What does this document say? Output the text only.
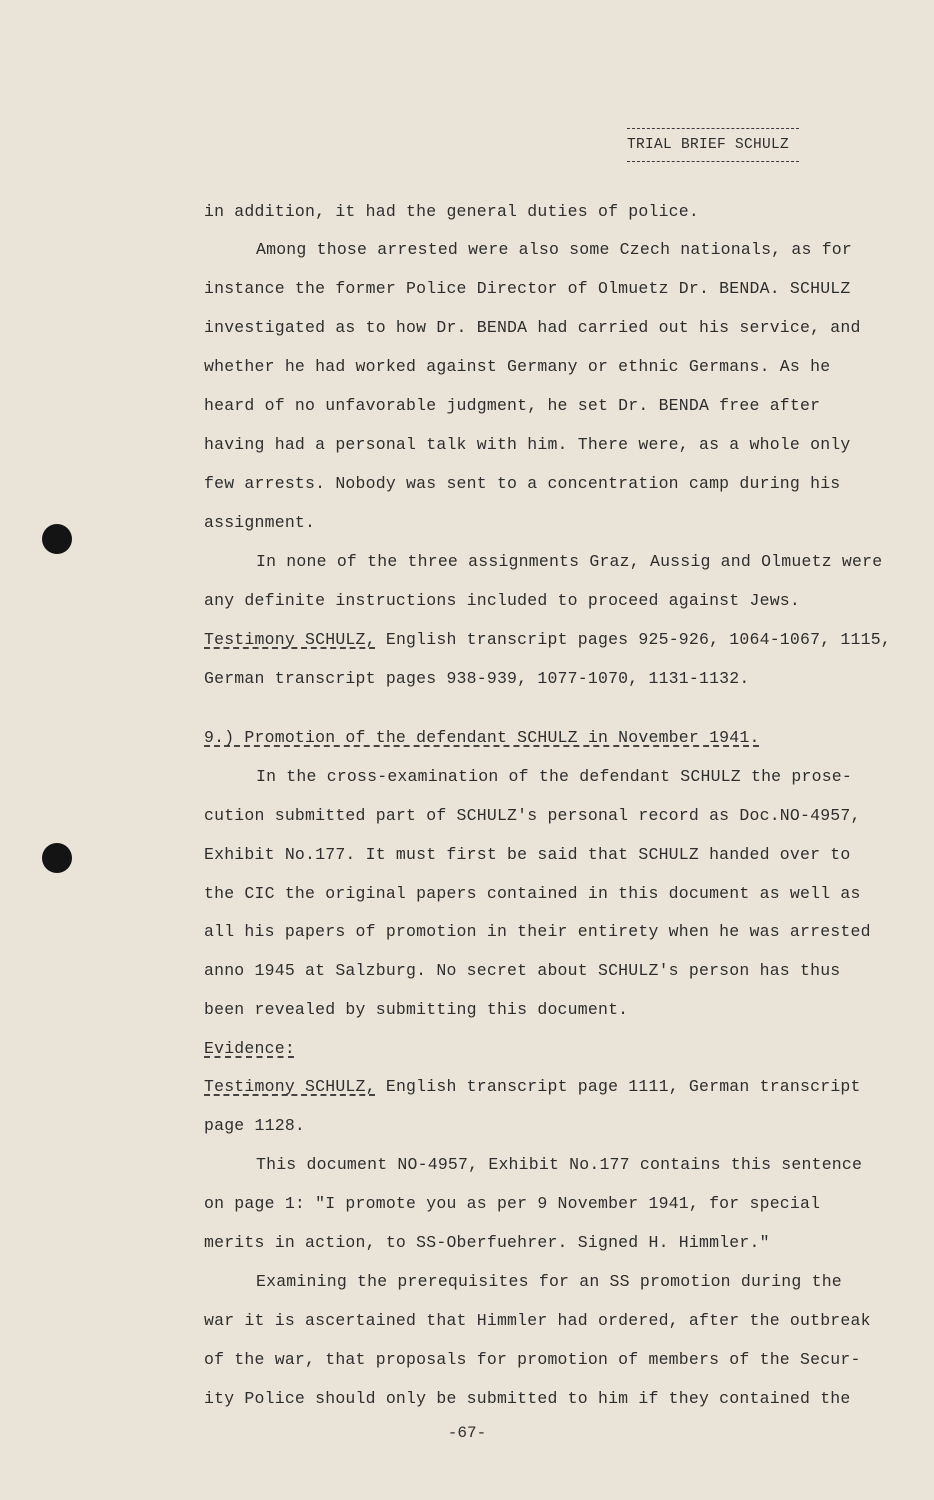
TRIAL BRIEF SCHULZ
in addition, it had the general duties of police.
Among those arrested were also some Czech nationals, as for
instance the former Police Director of Olmuetz Dr. BENDA. SCHULZ
investigated as to how Dr. BENDA had carried out his service, and
whether he had worked against Germany or ethnic Germans. As he
heard of no unfavorable judgment, he set Dr. BENDA free after
having had a personal talk with him. There were, as a whole only
few arrests. Nobody was sent to a concentration camp during his
assignment.
In none of the three assignments Graz, Aussig and Olmuetz were
any definite instructions included to proceed against Jews.
Testimony SCHULZ, English transcript pages 925-926, 1064-1067, 1115,
German transcript pages 938-939, 1077-1070, 1131-1132.
9.) Promotion of the defendant SCHULZ in November 1941.
In the cross-examination of the defendant SCHULZ the prose-
cution submitted part of SCHULZ's personal record as Doc.NO-4957,
Exhibit No.177. It must first be said that SCHULZ handed over to
the CIC the original papers contained in this document as well as
all his papers of promotion in their entirety when he was arrested
anno 1945 at Salzburg. No secret about SCHULZ's person has thus
been revealed by submitting this document.
Evidence:
Testimony SCHULZ, English transcript page 1111, German transcript
page 1128.
This document NO-4957, Exhibit No.177 contains this sentence
on page 1: "I promote you as per 9 November 1941, for special
merits in action, to SS-Oberfuehrer. Signed H. Himmler."
Examining the prerequisites for an SS promotion during the
war it is ascertained that Himmler had ordered, after the outbreak
of the war, that proposals for promotion of members of the Secur-
ity Police should only be submitted to him if they contained the
-67-
